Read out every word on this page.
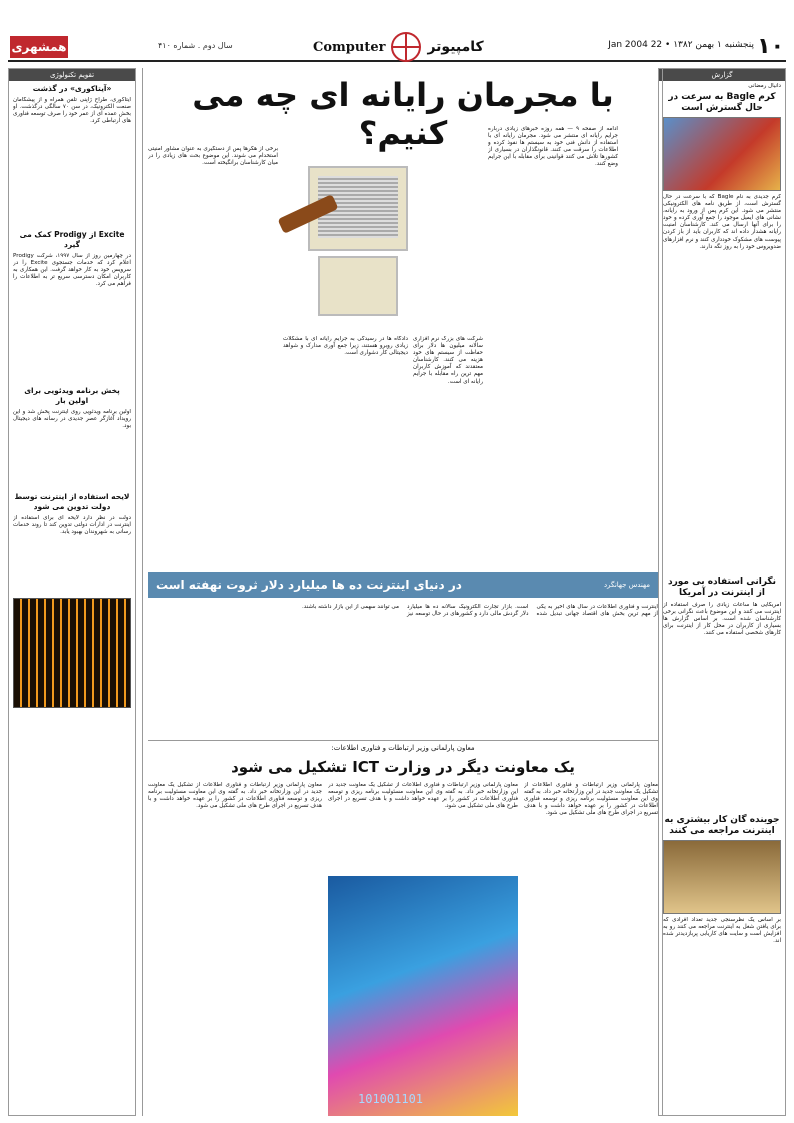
۱۰
پنجشنبه ۱ بهمن ۱۳۸۲ • 22 Jan 2004
کامپیوتر
Computer
سال دوم . شماره ۴۱۰
همشهری
گزارش
دانیال رمضانی
کرم Bagle به سرعت در حال گسترش است
کرم جدیدی به نام Bagle که با سرعت در حال گسترش است، از طریق نامه های الکترونیکی منتشر می شود. این کرم پس از ورود به رایانه، نشانی های ایمیل موجود را جمع آوری کرده و خود را برای آنها ارسال می کند. کارشناسان امنیت رایانه هشدار داده اند که کاربران باید از باز کردن پیوست های مشکوک خودداری کنند و نرم افزارهای ضدویروس خود را به روز نگه دارند.
نگرانی استفاده بی مورد از اینترنت در آمریکا
آمریکایی ها ساعات زیادی را صرف استفاده از اینترنت می کنند و این موضوع باعث نگرانی برخی کارشناسان شده است. بر اساس گزارش ها بسیاری از کاربران در محل کار از اینترنت برای کارهای شخصی استفاده می کنند.
جوینده گان کار بیشتری به اینترنت مراجعه می کنند
بر اساس یک نظرسنجی جدید تعداد افرادی که برای یافتن شغل به اینترنت مراجعه می کنند رو به افزایش است و سایت های کاریابی پربازدیدتر شده اند.
تقویم تکنولوژی
«آیتاکوری» در گذشت
آیتاکوری، طراح ژاپنی تلفن همراه و از پیشگامان صنعت الکترونیک، در سن ۷۰ سالگی درگذشت. او بخش عمده ای از عمر خود را صرف توسعه فناوری های ارتباطی کرد.
Excite از Prodigy کمک می گیرد
در چهارمین روز از سال ۱۹۹۷، شرکت Prodigy اعلام کرد که خدمات جستجوی Excite را در سرویس خود به کار خواهد گرفت. این همکاری به کاربران امکان دسترسی سریع تر به اطلاعات را فراهم می کرد.
پخش برنامه ویدئویی برای اولین بار
اولین برنامه ویدئویی روی اینترنت پخش شد و این رویداد آغازگر عصر جدیدی در رسانه های دیجیتال بود.
لایحه استفاده از اینترنت توسط دولت تدوین می شود
دولت در نظر دارد لایحه ای برای استفاده از اینترنت در ادارات دولتی تدوین کند تا روند خدمات رسانی به شهروندان بهبود یابد.
با مجرمان رایانه ای چه می کنیم؟	ادامه از صفحه ۹ — همه روزه خبرهای زیادی درباره جرایم رایانه ای منتشر می شود. مجرمان رایانه ای با استفاده از دانش فنی خود به سیستم ها نفوذ کرده و اطلاعات را سرقت می کنند. قانونگذاران در بسیاری از کشورها تلاش می کنند قوانینی برای مقابله با این جرایم وضع کنند.
شرکت های بزرگ نرم افزاری سالانه میلیون ها دلار برای حفاظت از سیستم های خود هزینه می کنند. کارشناسان معتقدند که آموزش کاربران مهم ترین راه مقابله با جرایم رایانه ای است.
برخی از هکرها پس از دستگیری به عنوان مشاور امنیتی استخدام می شوند. این موضوع بحث های زیادی را در میان کارشناسان برانگیخته است.
دادگاه ها در رسیدگی به جرایم رایانه ای با مشکلات زیادی روبرو هستند، زیرا جمع آوری مدارک و شواهد دیجیتالی کار دشواری است.
مهندس جهانگرد
در دنیای اینترنت ده ها میلیارد دلار ثروت نهفته است
اینترنت و فناوری اطلاعات در سال های اخیر به یکی از مهم ترین بخش های اقتصاد جهانی تبدیل شده است. بازار تجارت الکترونیک سالانه ده ها میلیارد دلار گردش مالی دارد و کشورهای در حال توسعه نیز می توانند سهمی از این بازار داشته باشند.
معاون پارلمانی وزیر ارتباطات و فناوری اطلاعات:
یک معاونت دیگر در وزارت ICT تشکیل می شود
معاون پارلمانی وزیر ارتباطات و فناوری اطلاعات از تشکیل یک معاونت جدید در این وزارتخانه خبر داد. به گفته وی این معاونت مسئولیت برنامه ریزی و توسعه فناوری اطلاعات در کشور را بر عهده خواهد داشت و با هدف تسریع در اجرای طرح های ملی تشکیل می شود.
معاون پارلمانی وزیر ارتباطات و فناوری اطلاعات از تشکیل یک معاونت جدید در این وزارتخانه خبر داد. به گفته وی این معاونت مسئولیت برنامه ریزی و توسعه فناوری اطلاعات در کشور را بر عهده خواهد داشت و با هدف تسریع در اجرای طرح های ملی تشکیل می شود.
معاون پارلمانی وزیر ارتباطات و فناوری اطلاعات از تشکیل یک معاونت جدید در این وزارتخانه خبر داد. به گفته وی این معاونت مسئولیت برنامه ریزی و توسعه فناوری اطلاعات در کشور را بر عهده خواهد داشت و با هدف تسریع در اجرای طرح های ملی تشکیل می شود.
101001101
